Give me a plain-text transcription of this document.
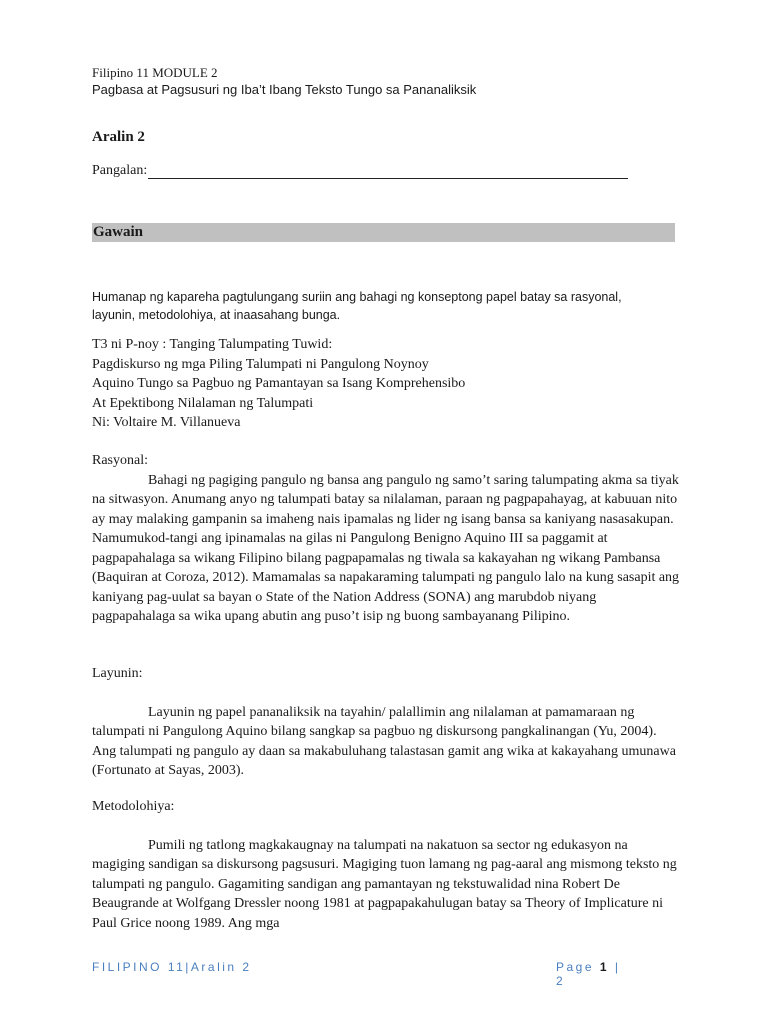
Filipino 11 MODULE 2
Pagbasa at Pagsusuri ng Iba’t Ibang Teksto Tungo sa Pananaliksik
Aralin 2
Pangalan:
Gawain
Humanap ng kapareha pagtulungang suriin ang bahagi ng konseptong papel batay sa rasyonal, layunin, metodolohiya, at inaasahang bunga.
T3 ni P-noy : Tanging Talumpating Tuwid:
Pagdiskurso ng mga Piling Talumpati ni Pangulong Noynoy
Aquino Tungo sa Pagbuo ng Pamantayan sa Isang Komprehensibo
At Epektibong Nilalaman ng Talumpati
Ni: Voltaire M. Villanueva
Rasyonal:

Bahagi ng pagiging pangulo ng bansa ang pangulo ng samo’t saring talumpating akma sa tiyak na sitwasyon. Anumang anyo ng talumpati batay sa nilalaman, paraan ng pagpapahayag, at kabuuan nito ay may malaking gampanin sa imaheng nais ipamalas ng lider ng isang bansa sa kaniyang nasasakupan. Namumukod-tangi ang ipinamalas na gilas ni Pangulong Benigno Aquino III sa paggamit at pagpapahalaga sa wikang Filipino bilang pagpapamalas ng tiwala sa kakayahan ng wikang Pambansa (Baquiran at Coroza, 2012). Mamamalas sa napakaraming talumpati ng pangulo lalo na kung sasapit ang kaniyang pag-uulat sa bayan o State of the Nation Address (SONA) ang marubdob niyang pagpapahalaga sa wika upang abutin ang puso’t isip ng buong sambayanang Pilipino.

Layunin:

Layunin ng papel pananaliksik na tayahin/ palallimin ang nilalaman at pamamaraan ng talumpati ni Pangulong Aquino bilang sangkap sa pagbuo ng diskursong pangkalinangan (Yu, 2004). Ang talumpati ng pangulo ay daan sa makabuluhang talastasan gamit ang wika at kakayahang umunawa (Fortunato at Sayas, 2003).

Metodolohiya:

Pumili ng tatlong magkakaugnay na talumpati na nakatuon sa sector ng edukasyon na magiging sandigan sa diskursong pagsusuri. Magiging tuon lamang ng pag-aaral ang mismong teksto ng talumpati ng pangulo. Gagamiting sandigan ang pamantayan ng tekstuwalidad nina Robert De Beaugrande at Wolfgang Dressler noong 1981 at pagpapakahulugan batay sa Theory of Implicature ni Paul Grice noong 1989. Ang mga

FILIPINO 11|Aralin 2	Page 1 | 2
